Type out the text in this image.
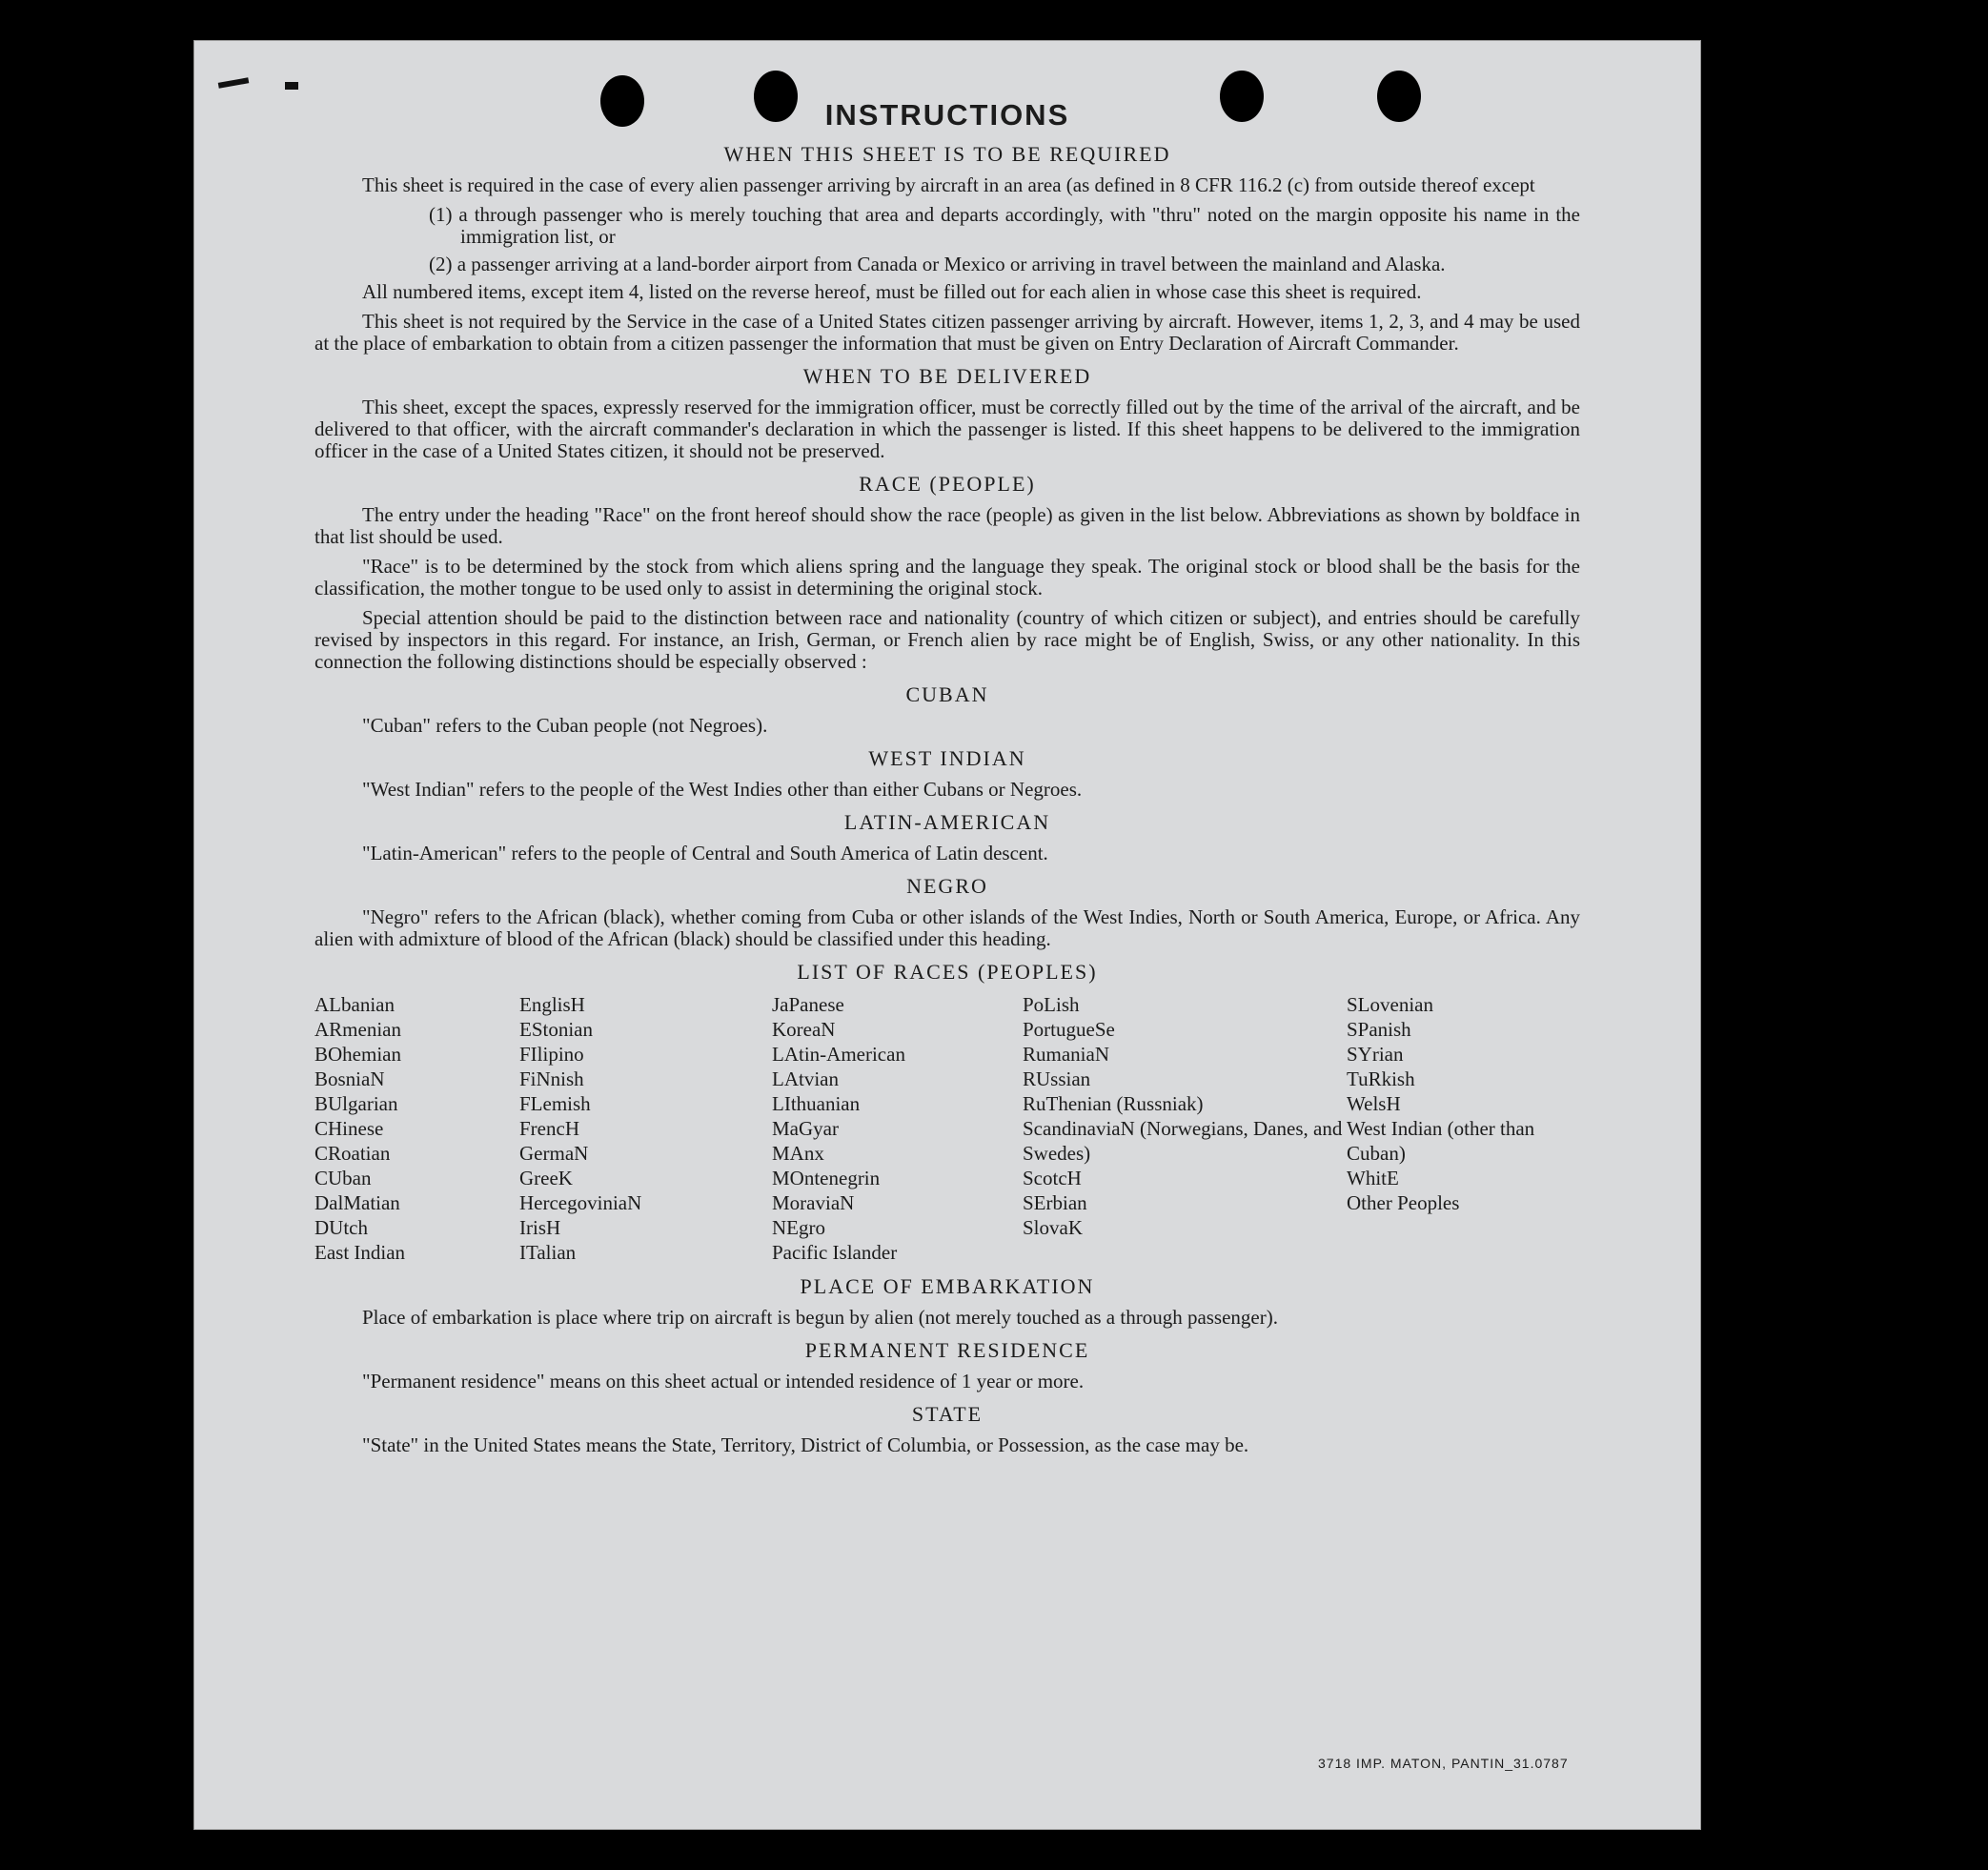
INSTRUCTIONS
WHEN THIS SHEET IS TO BE REQUIRED

This sheet is required in the case of every alien passenger arriving by aircraft in an area (as defined in 8 CFR 116.2 (c) from outside thereof except

(1) a through passenger who is merely touching that area and departs accordingly, with "thru" noted on the margin opposite his name in the immigration list, or
(2) a passenger arriving at a land-border airport from Canada or Mexico or arriving in travel between the mainland and Alaska.

All numbered items, except item 4, listed on the reverse hereof, must be filled out for each alien in whose case this sheet is required.

This sheet is not required by the Service in the case of a United States citizen passenger arriving by aircraft. However, items 1, 2, 3, and 4 may be used at the place of embarkation to obtain from a citizen passenger the information that must be given on Entry Declaration of Aircraft Commander.

WHEN TO BE DELIVERED

This sheet, except the spaces, expressly reserved for the immigration officer, must be correctly filled out by the time of the arrival of the aircraft, and be delivered to that officer, with the aircraft commander's declaration in which the passenger is listed. If this sheet happens to be delivered to the immigration officer in the case of a United States citizen, it should not be preserved.

RACE (PEOPLE)

The entry under the heading "Race" on the front hereof should show the race (people) as given in the list below. Abbreviations as shown by boldface in that list should be used.

"Race" is to be determined by the stock from which aliens spring and the language they speak. The original stock or blood shall be the basis for the classification, the mother tongue to be used only to assist in determining the original stock.

Special attention should be paid to the distinction between race and nationality (country of which citizen or subject), and entries should be carefully revised by inspectors in this regard. For instance, an Irish, German, or French alien by race might be of English, Swiss, or any other nationality. In this connection the following distinctions should be especially observed :

CUBAN

"Cuban" refers to the Cuban people (not Negroes).

WEST INDIAN

"West Indian" refers to the people of the West Indies other than either Cubans or Negroes.

LATIN-AMERICAN

"Latin-American" refers to the people of Central and South America of Latin descent.

NEGRO

"Negro" refers to the African (black), whether coming from Cuba or other islands of the West Indies, North or South America, Europe, or Africa. Any alien with admixture of blood of the African (black) should be classified under this heading.

LIST OF RACES (PEOPLES)
ALbanian
ARmenian
BOhemian
BosniaN
BUlgarian
CHinese
CRoatian
CUban
DalMatian
DUtch
East Indian
EnglisH
EStonian
FIlipino
FiNnish
FLemish
FrencH
GermaN
GreeK
HercegoviniaN
IrisH
ITalian
JaPanese
KoreaN
LAtin-American
LAtvian
LIthuanian
MaGyar
MAnx
MOntenegrin
MoraviaN
NEgro
Pacific Islander
PoLish
PortugueSe
RumaniaN
RUssian
RuThenian (Russniak)
ScandinaviaN (Norwegians, Danes, and Swedes)
ScotcH
SErbian
SlovaK
SLovenian
SPanish
SYrian
TuRkish
WelsH
West Indian (other than Cuban)
WhitE
Other Peoples
PLACE OF EMBARKATION

Place of embarkation is place where trip on aircraft is begun by alien (not merely touched as a through passenger).

PERMANENT RESIDENCE

"Permanent residence" means on this sheet actual or intended residence of 1 year or more.

STATE

"State" in the United States means the State, Territory, District of Columbia, or Possession, as the case may be.

3718 IMP. MATON, PANTIN_31.0787
